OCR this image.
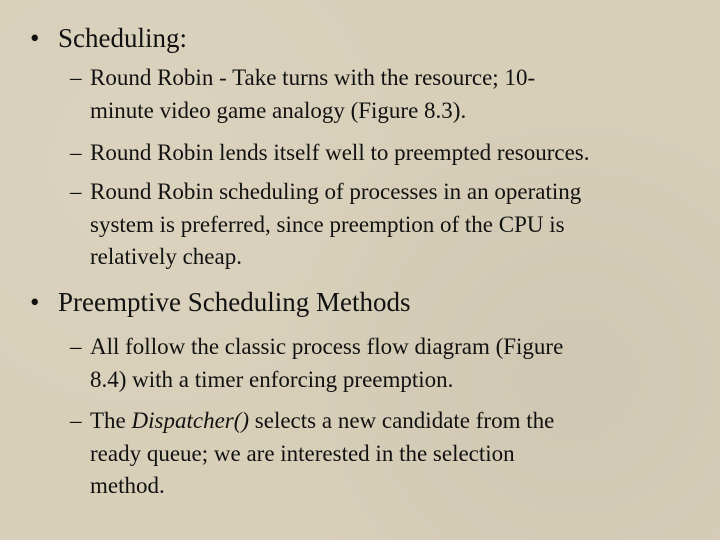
• Scheduling:
– Round Robin - Take turns with the resource; 10-
minute video game analogy (Figure 8.3).
– Round Robin lends itself well to preempted resources.
– Round Robin scheduling of processes in an operating
system is preferred, since preemption of the CPU is
relatively cheap.
• Preemptive Scheduling Methods
– All follow the classic process flow diagram (Figure
8.4) with a timer enforcing preemption.
– The Dispatcher() selects a new candidate from the
ready queue; we are interested in the selection
method.
